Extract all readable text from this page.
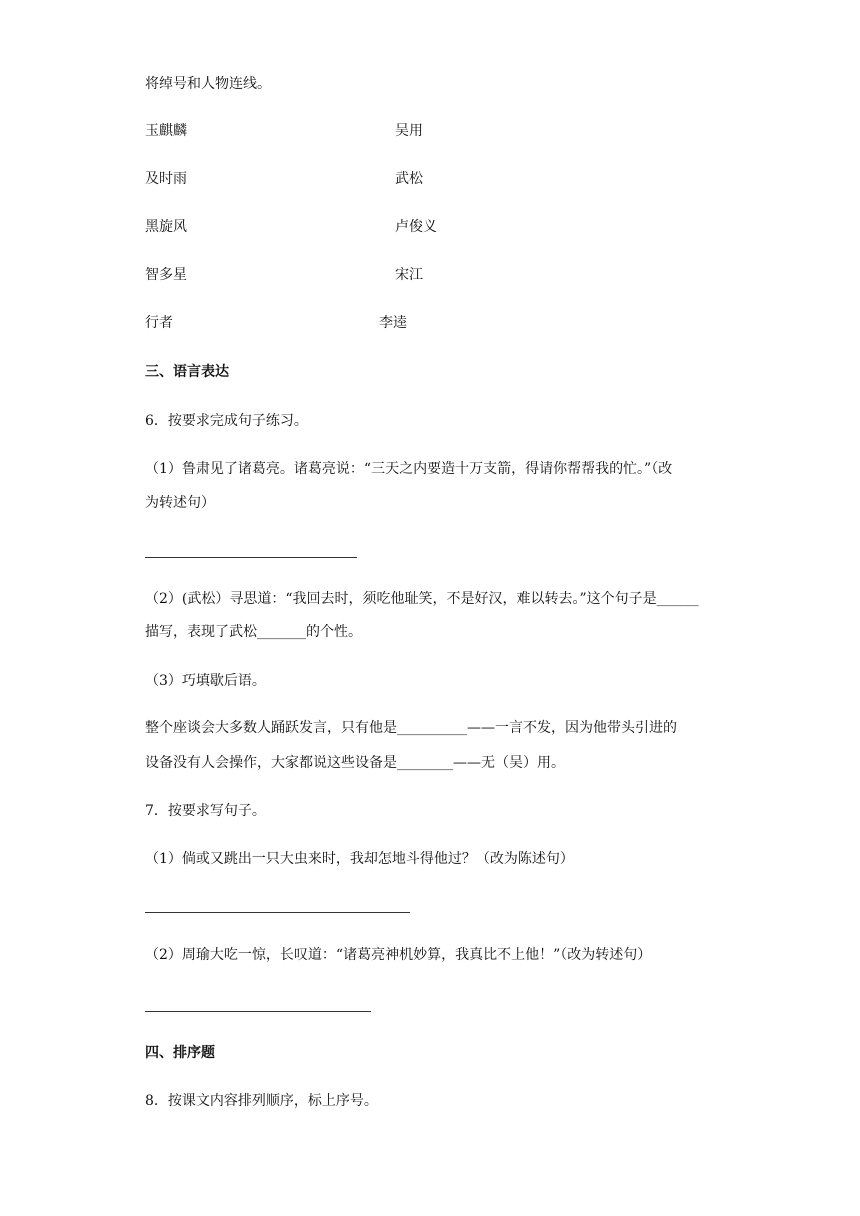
将绰号和人物连线。
玉麒麟	吴用
及时雨	武松
黑旋风	卢俊义
智多星	宋江
行者	李逵
三、语言表达
6．按要求完成句子练习。
（1）鲁肃见了诸葛亮。诸葛亮说：“三天之内要造十万支箭，得请你帮帮我的忙。”（改
为转述句）
（2）(武松）寻思道：“我回去时，须吃他耻笑，不是好汉，难以转去。”这个句子是______
描写，表现了武松_______的个性。
（3）巧填歇后语。
整个座谈会大多数人踊跃发言，只有他是__________——一言不发，因为他带头引进的
设备没有人会操作，大家都说这些设备是________——无（吴）用。
7．按要求写句子。
（1）倘或又跳出一只大虫来时，我却怎地斗得他过？（改为陈述句）
（2）周瑜大吃一惊，长叹道：“诸葛亮神机妙算，我真比不上他！”（改为转述句）
四、排序题
8．按课文内容排列顺序，标上序号。
